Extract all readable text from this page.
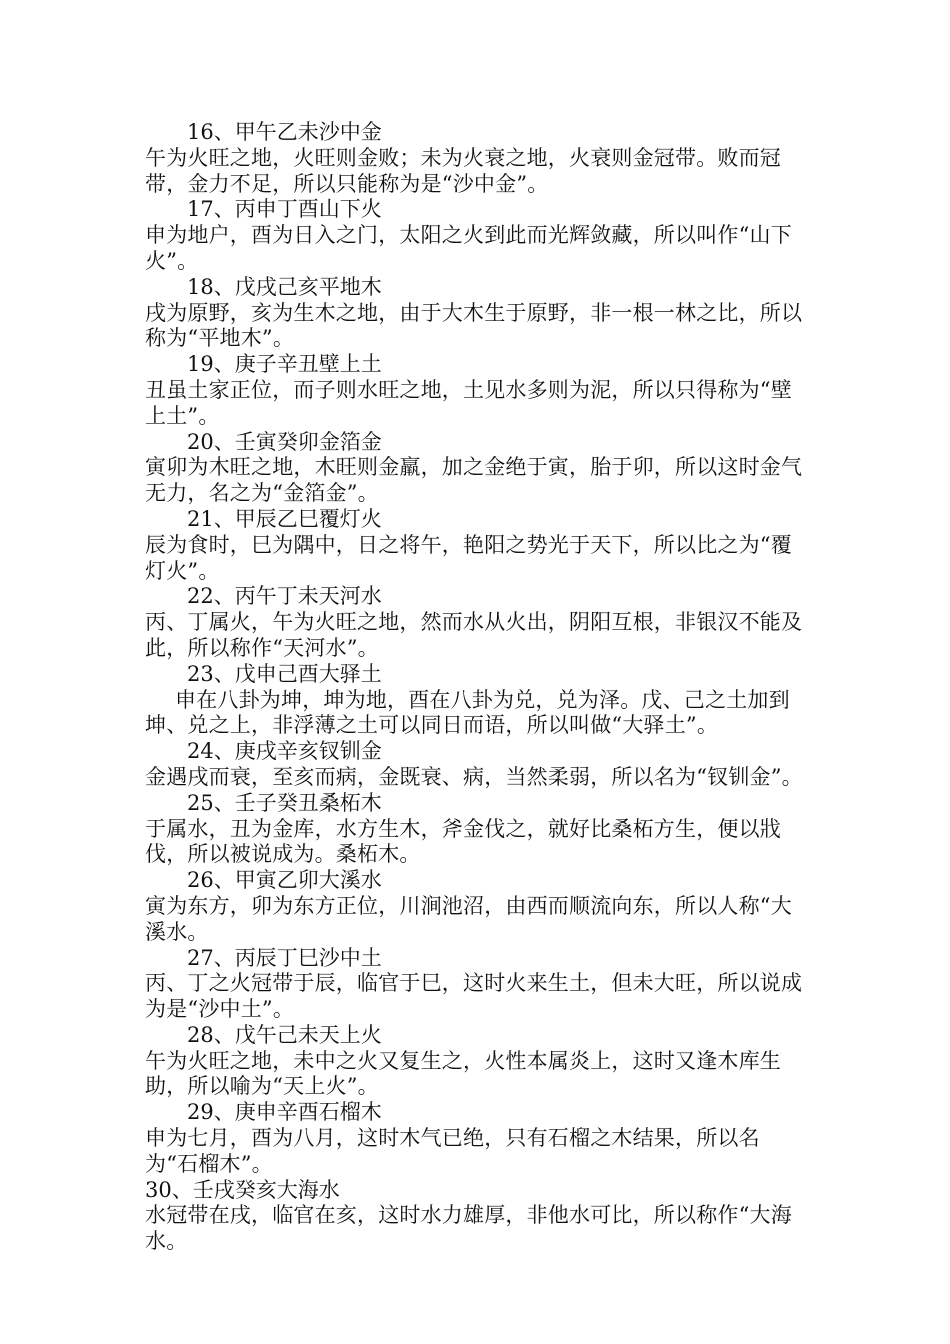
16、甲午乙未沙中金
午为火旺之地，火旺则金败；未为火衰之地，火衰则金冠带。败而冠带，金力不足，所以只能称为是“沙中金”。
17、丙申丁酉山下火
申为地户，酉为日入之门，太阳之火到此而光辉敛藏，所以叫作“山下火”。
18、戊戌己亥平地木
戌为原野，亥为生木之地，由于大木生于原野，非一根一林之比，所以称为“平地木”。
19、庚子辛丑壁上土
丑虽土家正位，而子则水旺之地，土见水多则为泥，所以只得称为“壁上土”。
20、壬寅癸卯金箔金
寅卯为木旺之地，木旺则金羸，加之金绝于寅，胎于卯，所以这时金气无力，名之为“金箔金”。
21、甲辰乙巳覆灯火
辰为食时，巳为隅中，日之将午，艳阳之势光于天下，所以比之为“覆灯火”。
22、丙午丁未天河水
丙、丁属火，午为火旺之地，然而水从火出，阴阳互根，非银汉不能及此，所以称作“天河水”。
23、戊申己酉大驿土
申在八卦为坤，坤为地，酉在八卦为兑，兑为泽。戊、己之土加到坤、兑之上，非浮薄之土可以同日而语，所以叫做“大驿土”。
24、庚戌辛亥钗钏金
金遇戌而衰，至亥而病，金既衰、病，当然柔弱，所以名为“钗钏金”。
25、壬子癸丑桑柘木
于属水，丑为金库，水方生木，斧金伐之，就好比桑柘方生，便以戕伐，所以被说成为。桑柘木。
26、甲寅乙卯大溪水
寅为东方，卯为东方正位，川涧池沼，由西而顺流向东，所以人称“大溪水。
27、丙辰丁巳沙中土
丙、丁之火冠带于辰，临官于巳，这时火来生土，但未大旺，所以说成为是“沙中土”。
28、戊午己未天上火
午为火旺之地，未中之火又复生之，火性本属炎上，这时又逢木库生助，所以喻为“天上火”。
29、庚申辛酉石榴木
申为七月，酉为八月，这时木气已绝，只有石榴之木结果，所以名为“石榴木”。
30、壬戌癸亥大海水
水冠带在戌，临官在亥，这时水力雄厚，非他水可比，所以称作“大海水。
